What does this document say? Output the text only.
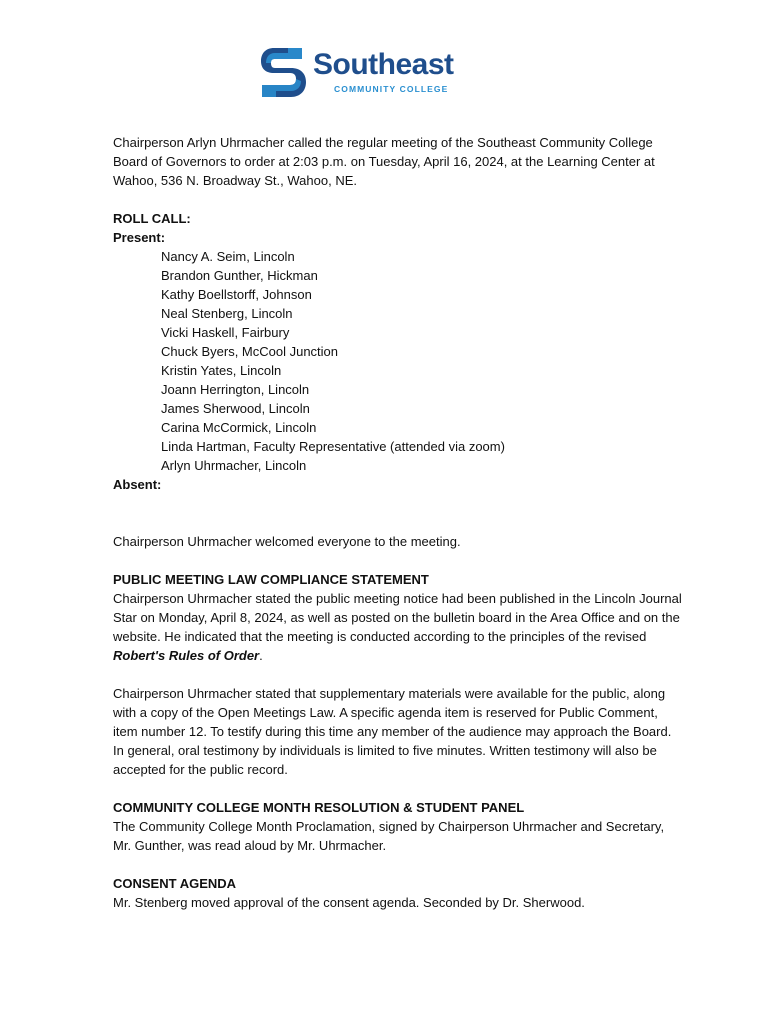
Southeast
COMMUNITY COLLEGE

Chairperson Arlyn Uhrmacher called the regular meeting of the Southeast Community College Board of Governors to order at 2:03 p.m. on Tuesday, April 16, 2024, at the Learning Center at Wahoo, 536 N. Broadway St., Wahoo, NE.

ROLL CALL:

Present:

Nancy A. Seim, Lincoln
Brandon Gunther, Hickman
Kathy Boellstorff, Johnson
Neal Stenberg, Lincoln
Vicki Haskell, Fairbury
Chuck Byers, McCool Junction
Kristin Yates, Lincoln
Joann Herrington, Lincoln
James Sherwood, Lincoln
Carina McCormick, Lincoln
Linda Hartman, Faculty Representative (attended via zoom)
Arlyn Uhrmacher, Lincoln

Absent:

Chairperson Uhrmacher welcomed everyone to the meeting.

PUBLIC MEETING LAW COMPLIANCE STATEMENT

Chairperson Uhrmacher stated the public meeting notice had been published in the Lincoln Journal Star on Monday, April 8, 2024, as well as posted on the bulletin board in the Area Office and on the website. He indicated that the meeting is conducted according to the principles of the revised Robert's Rules of Order.

Chairperson Uhrmacher stated that supplementary materials were available for the public, along with a copy of the Open Meetings Law. A specific agenda item is reserved for Public Comment, item number 12. To testify during this time any member of the audience may approach the Board. In general, oral testimony by individuals is limited to five minutes. Written testimony will also be accepted for the public record.

COMMUNITY COLLEGE MONTH RESOLUTION & STUDENT PANEL

The Community College Month Proclamation, signed by Chairperson Uhrmacher and Secretary, Mr. Gunther, was read aloud by Mr. Uhrmacher.

CONSENT AGENDA

Mr. Stenberg moved approval of the consent agenda. Seconded by Dr. Sherwood.
